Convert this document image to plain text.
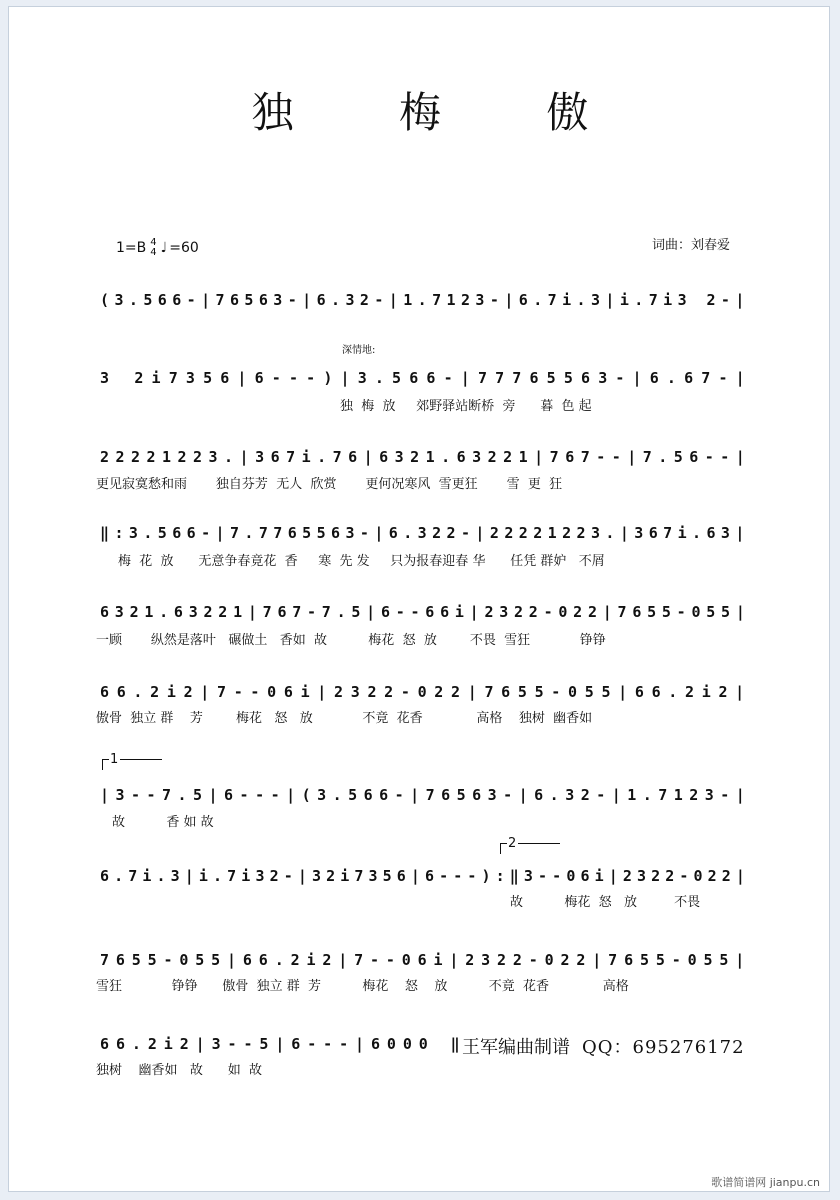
独 梅 傲
1=B 4
4 ♩ =60	词曲：刘春爱
深情地:
(3.566-|76563-|6.32-|1.7123-|6.7i.3|i.7i3 2-|
3 2i7356|6---)|3.566-|77765563-|6.67-|
独  梅  放     郊野驿站断桥  旁      暮  色 起
22221223.|367i.76|6321.63221|767--|7.56--|
更见寂寞愁和雨       独自芬芳  无人  欣赏       更何况寒风  雪更狂       雪  更  狂
‖:3.566-|7.7765563-|6.322-|22221223.|367i.63|
梅  花  放      无意争春竟花  香     寒  先 发     只为报春迎春 华      任凭 群妒   不屑
6321.63221|767-7.5|6--66i|2322-022|7655-055|
一顾       纵然是落叶   碾做土   香如  故          梅花  怒  放        不畏  雪狂            铮铮
66.2i2|7--06i|2322-022|7655-055|66.2i2|
傲骨  独立 群    芳        梅花   怒   放            不竟  花香             高格    独树  幽香如
1
|3--7.5|6---|(3.566-|76563-|6.32-|1.7123-|
故          香 如 故
2
6.7i.3|i.7i32-|32i7356|6---):‖3--06i|2322-022|
故          梅花  怒   放         不畏
7655-055|66.2i2|7--06i|2322-022|7655-055|
雪狂            铮铮      傲骨  独立 群  芳          梅花    怒    放          不竟  花香             高格
66.2i2|3--5|6---|6000 ‖
独树    幽香如   故      如  故
王军编曲制谱 QQ：695276172
歌谱简谱网 jianpu.cn
